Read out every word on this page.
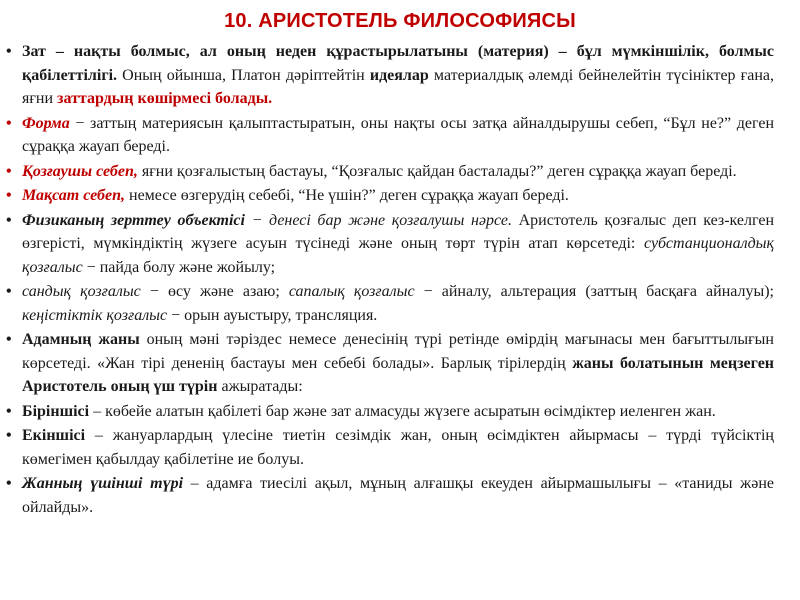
10. АРИСТОТЕЛЬ ФИЛОСОФИЯСЫ
• Зат – нақты болмыс, ал оның неден құрастырылатыны (материя) – бұл мүмкіншілік, болмыс қабілеттілігі. Оның ойынша, Платон дәріптейтін идеялар материалдық әлемді бейнелейтін түсініктер ғана, яғни заттардың көшірмесі болады.
• Форма − заттың материясын қалыптастыратын, оны нақты осы затқа айналдырушы себеп, “Бұл не?” деген сұраққа жауап береді.
• Қозғаушы себеп, яғни қозғалыстың бастауы, “Қозғалыс қайдан басталады?” деген сұраққа жауап береді.
• Мақсат себеп, немесе өзгерудің себебі, “Не үшін?” деген сұраққа жауап береді.
• Физиканың зерттеу объектісі − денесі бар және қозғалушы нәрсе. Аристотель қозғалыс деп кез-келген өзгерісті, мүмкіндіктің жүзеге асуын түсінеді және оның төрт түрін атап көрсетеді: субстанционалдық қозғалыс − пайда болу және жойылу;
• сандық қозғалыс − өсу және азаю; сапалық қозғалыс − айналу, альтерация (заттың басқаға айналуы); кеңістіктік қозғалыс − орын ауыстыру, трансляция.
• Адамның жаны оның мәні тәріздес немесе денесінің түрі ретінде өмірдің мағынасы мен бағыттылығын көрсетеді. «Жан тірі дененің бастауы мен себебі болады». Барлық тірілердің жаны болатынын меңзеген Аристотель оның үш түрін ажыратады:
• Біріншісі – көбейе алатын қабілеті бар және зат алмасуды жүзеге асыратын өсімдіктер иеленген жан.
• Екіншісі – жануарлардың үлесіне тиетін сезімдік жан, оның өсімдіктен айырмасы – түрді түйсіктің көмегімен қабылдау қабілетіне ие болуы.
• Жанның үшінші түрі – адамға тиесілі ақыл, мұның алғашқы екеуден айырмашылығы – «таниды және ойлайды».
